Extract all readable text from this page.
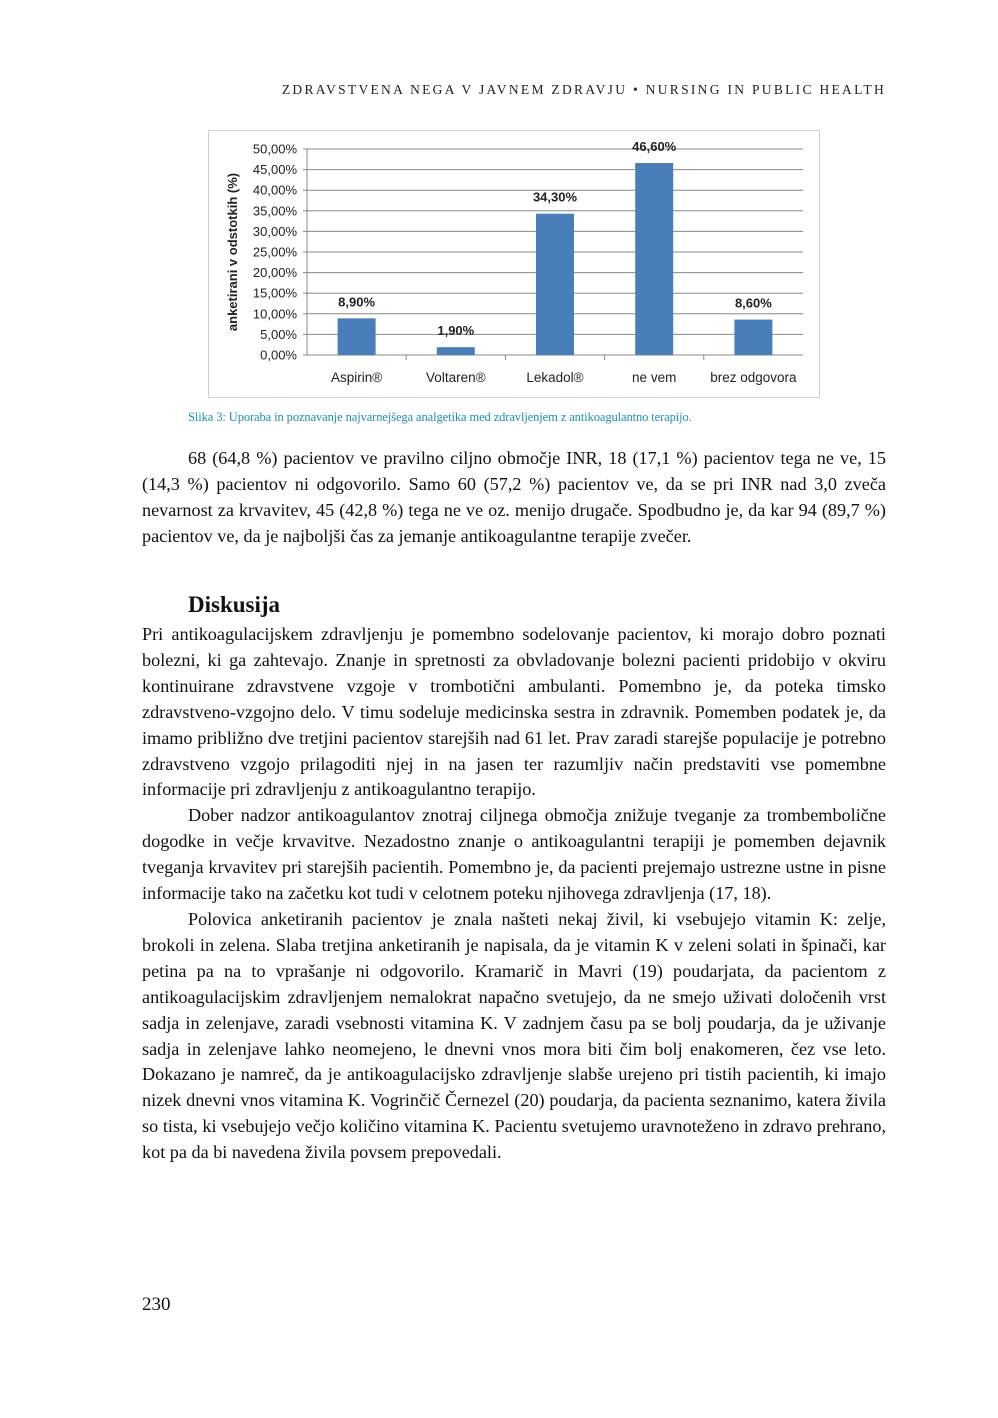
ZDRAVSTVENA NEGA V JAVNEM ZDRAVJU • NURSING IN PUBLIC HEALTH
0,00%
5,00%
10,00%
15,00%
20,00%
25,00%
30,00%
35,00%
40,00%
45,00%
50,00%
anketirani v odstotkih (%)	8,90%
Aspirin®
1,90%
Voltaren®
34,30%
Lekadol®
46,60%
ne vem
8,60%
brez odgovora
Slika 3: Uporaba in poznavanje najvarnejšega analgetika med zdravljenjem z antikoagulantno terapijo.

68 (64,8 %) pacientov ve pravilno ciljno območje INR, 18 (17,1 %) pacientov tega ne ve, 15 (14,3 %) pacientov ni odgovorilo. Samo 60 (57,2 %) pacientov ve, da se pri INR nad 3,0 zveča nevarnost za krvavitev, 45 (42,8 %) tega ne ve oz. menijo drugače. Spodbudno je, da kar 94 (89,7 %) pacientov ve, da je najboljši čas za jemanje antikoagulantne terapije zvečer.

Diskusija

Pri antikoagulacijskem zdravljenju je pomembno sodelovanje pacientov, ki morajo dobro poznati bolezni, ki ga zahtevajo. Znanje in spretnosti za obvladovanje bolezni pacienti pridobijo v okviru kontinuirane zdravstvene vzgoje v trombotični ambulanti. Pomembno je, da poteka timsko zdravstveno-vzgojno delo. V timu sodeluje medicinska sestra in zdravnik. Pomemben podatek je, da imamo približno dve tretjini pacientov starejših nad 61 let. Prav zaradi starejše populacije je potrebno zdravstveno vzgojo prilagoditi njej in na jasen ter razumljiv način predstaviti vse pomembne informacije pri zdravljenju z antikoagulantno terapijo.

Dober nadzor antikoagulantov znotraj ciljnega območja znižuje tveganje za trombembolične dogodke in večje krvavitve. Nezadostno znanje o antikoagulantni terapiji je pomemben dejavnik tveganja krvavitev pri starejših pacientih. Pomembno je, da pacienti prejemajo ustrezne ustne in pisne informacije tako na začetku kot tudi v celotnem poteku njihovega zdravljenja (17, 18).

Polovica anketiranih pacientov je znala našteti nekaj živil, ki vsebujejo vitamin K: zelje, brokoli in zelena. Slaba tretjina anketiranih je napisala, da je vitamin K v zeleni solati in špinači, kar petina pa na to vprašanje ni odgovorilo. Kramarič in Mavri (19) poudarjata, da pacientom z antikoagulacijskim zdravljenjem nemalokrat napačno svetujejo, da ne smejo uživati določenih vrst sadja in zelenjave, zaradi vsebnosti vitamina K. V zadnjem času pa se bolj poudarja, da je uživanje sadja in zelenjave lahko neomejeno, le dnevni vnos mora biti čim bolj enakomeren, čez vse leto. Dokazano je namreč, da je antikoagulacijsko zdravljenje slabše urejeno pri tistih pacientih, ki imajo nizek dnevni vnos vitamina K. Vogrinčič Černezel (20) poudarja, da pacienta seznanimo, katera živila so tista, ki vsebujejo večjo količino vitamina K. Pacientu svetujemo uravnoteženo in zdravo prehrano, kot pa da bi navedena živila povsem prepovedali.

230
